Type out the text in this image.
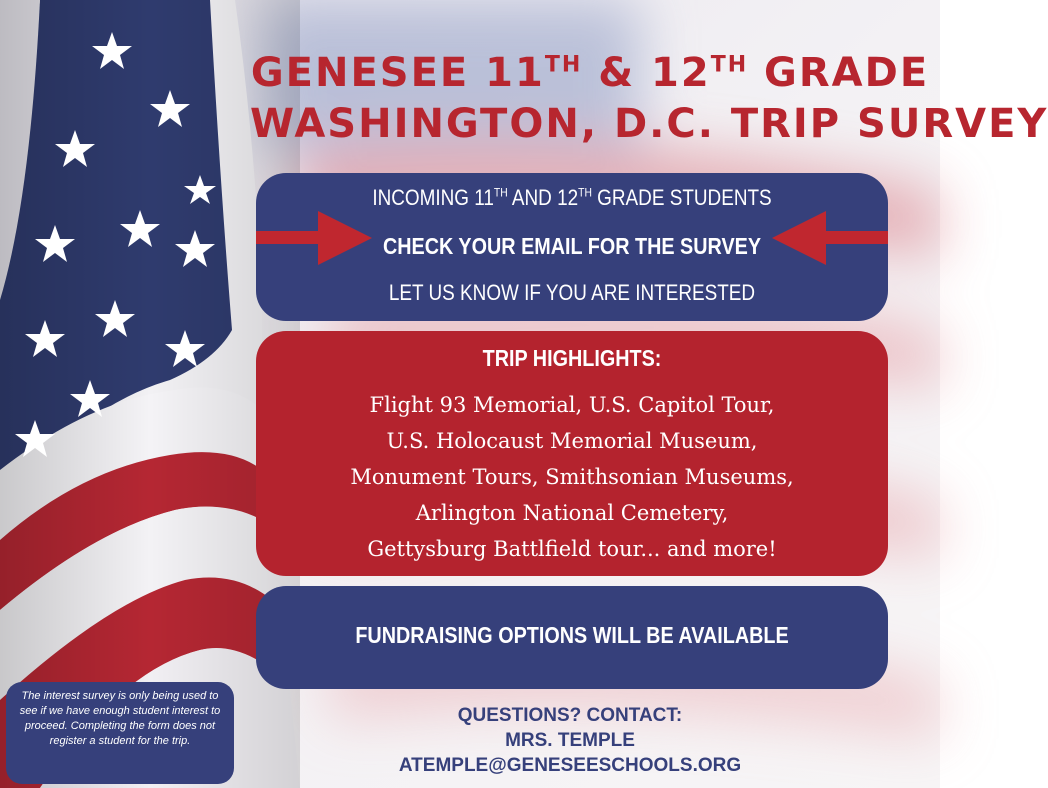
GENESEE 11TH & 12TH GRADE
WASHINGTON, D.C. TRIP SURVEY
INCOMING 11TH AND 12TH GRADE STUDENTS
CHECK YOUR EMAIL FOR THE SURVEY
LET US KNOW IF YOU ARE INTERESTED
TRIP HIGHLIGHTS:
Flight 93 Memorial, U.S. Capitol Tour,
U.S. Holocaust Memorial Museum,
Monument Tours, Smithsonian Museums,
Arlington National Cemetery,
Gettysburg Battlfield tour... and more!
FUNDRAISING OPTIONS WILL BE AVAILABLE
QUESTIONS? CONTACT:
MRS. TEMPLE
ATEMPLE@GENESEESCHOOLS.ORG
The interest survey is only being used to see if we have enough student interest to proceed. Completing the form does not register a student for the trip.
